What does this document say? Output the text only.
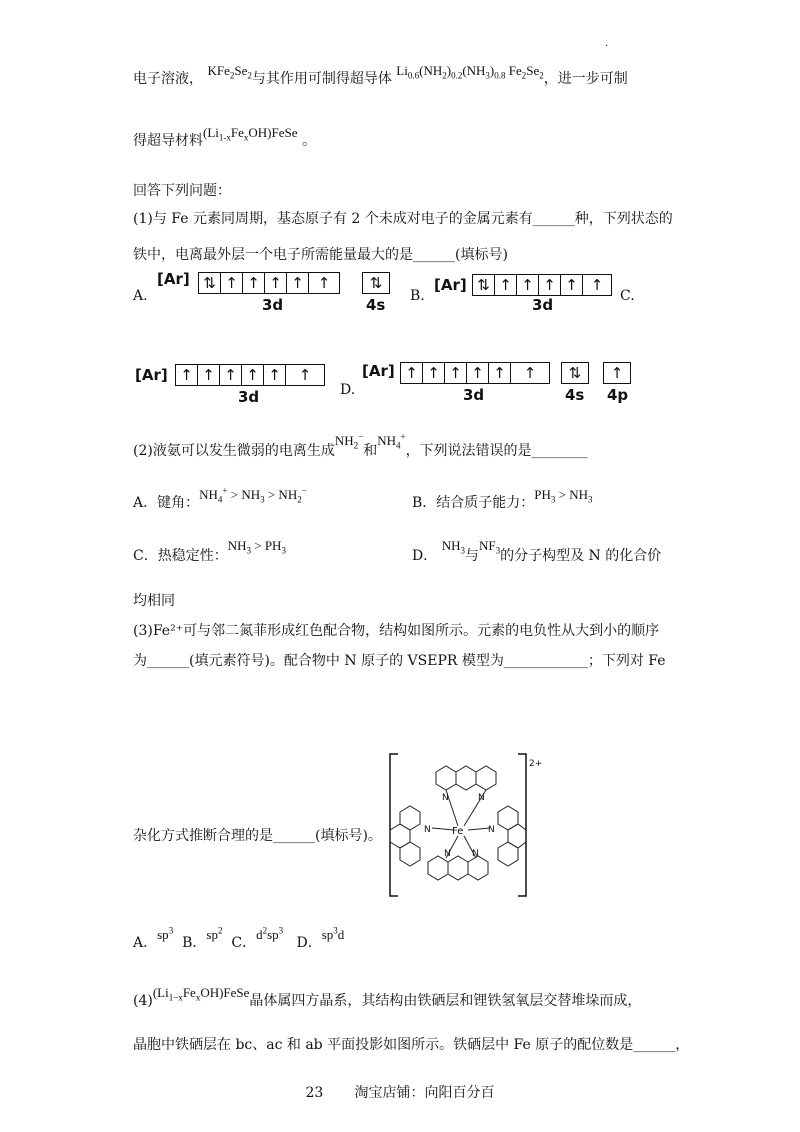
.
电子溶液， $KFe_2Se_2$与其作用可制得超导体 $Li_{0.6}(NH_2)_{0.2}(NH_3)_{0.8}$ $Fe_2Se_2$，进一步可制
得超导材料$(Li_{1-x}Fe_xOH)FeSe$ 。
回答下列问题：
(1)与 Fe 元素同周期，基态原子有 2 个未成对电子的金属元素有______种，下列状态的
铁中，电离最外层一个电子所需能量最大的是______(填标号)
A.
[Ar] ⇅ ↑ ↑ ↑ ↑ ↑
3d
⇅
4s B.
[Ar] ⇅ ↑ ↑ ↑ ↑ ↑
3d	C.
[Ar] ↑ ↑ ↑ ↑ ↑	↑
3d	D.
[Ar] ↑ ↑ ↑ ↑ ↑	↑
3d
⇅
4s
↑
4p
(2)液氨可以发生微弱的电离生成$NH_2^-$和$NH_4^+$，下列说法错误的是________
A．键角：$NH_4^+ > NH_3 > NH_2^-$
B．结合质子能力：$PH_3 > NH_3$
C．热稳定性：$NH_3 > PH_3$	D． $NH_3$与$NF_3$的分子构型及 N 的化合价
均相同
(3)Fe²⁺可与邻二氮菲形成红色配合物，结构如图所示。元素的电负性从大到小的顺序
为______(填元素符号)。配合物中 N 原子的 VSEPR 模型为____________；下列对 Fe
杂化方式推断合理的是______(填标号)。	Fe
N	N
N	N
N N
2+
A．$sp^3$  B．$sp^2$  C．$d^2sp^3$   D．$sp^3d$
$(4)(Li_{1-x}Fe_xOH)FeSe$晶体属四方晶系，其结构由铁硒层和锂铁氢氧层交替堆垛而成，
晶胞中铁硒层在 bc、ac 和 ab 平面投影如图所示。铁硒层中 Fe 原子的配位数是______，
23 淘宝店铺：向阳百分百
